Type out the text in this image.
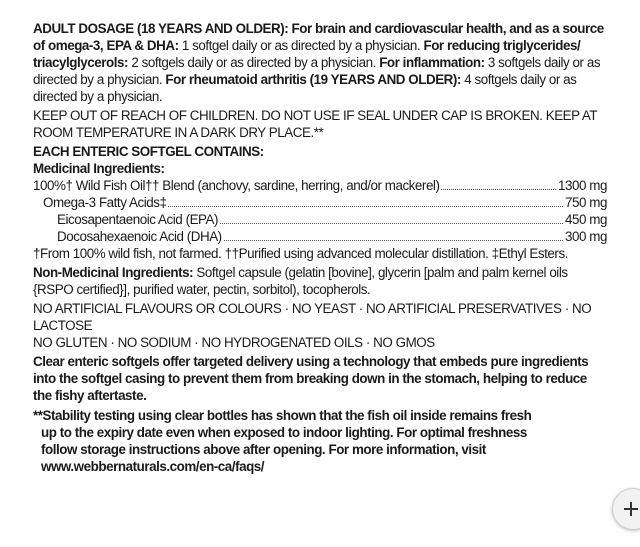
ADULT DOSAGE (18 YEARS AND OLDER): For brain and cardiovascular health, and as a source of omega-3, EPA & DHA: 1 softgel daily or as directed by a physician. For reducing triglycerides/ triacylglycerols: 2 softgels daily or as directed by a physician. For inflammation: 3 softgels daily or as directed by a physician. For rheumatoid arthritis (19 YEARS AND OLDER): 4 softgels daily or as directed by a physician.

KEEP OUT OF REACH OF CHILDREN. DO NOT USE IF SEAL UNDER CAP IS BROKEN. KEEP AT ROOM TEMPERATURE IN A DARK DRY PLACE.**

EACH ENTERIC SOFTGEL CONTAINS:
Medicinal Ingredients:
100%† Wild Fish Oil†† Blend (anchovy, sardine, herring, and/or mackerel)	1300 mg
Omega-3 Fatty Acids‡	750 mg
Eicosapentaenoic Acid (EPA)	450 mg
Docosahexaenoic Acid (DHA)	300 mg

†From 100% wild fish, not farmed. ††Purified using advanced molecular distillation. ‡Ethyl Esters.

Non-Medicinal Ingredients: Softgel capsule (gelatin [bovine], glycerin [palm and palm kernel oils {RSPO certified}], purified water, pectin, sorbitol), tocopherols.

NO ARTIFICIAL FLAVOURS OR COLOURS · NO YEAST · NO ARTIFICIAL PRESERVATIVES · NO LACTOSE

NO GLUTEN · NO SODIUM · NO HYDROGENATED OILS · NO GMOS

Clear enteric softgels offer targeted delivery using a technology that embeds pure ingredients into the softgel casing to prevent them from breaking down in the stomach, helping to reduce the fishy aftertaste.

**Stability testing using clear bottles has shown that the fish oil inside remains fresh up to the expiry date even when exposed to indoor lighting. For optimal freshness follow storage instructions above after opening. For more information, visit www.webbernaturals.com/en-ca/faqs/
